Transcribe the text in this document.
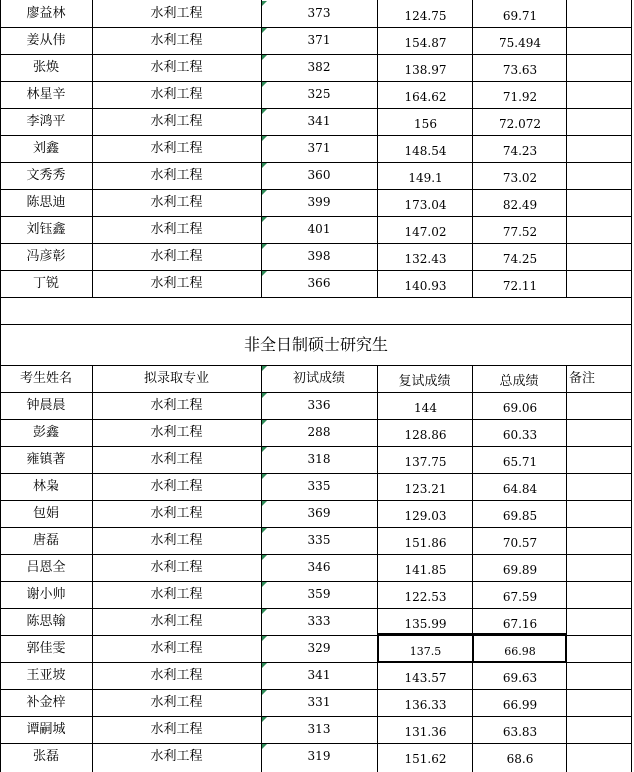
非全日制硕士研究生
廖益林	水利工程	373	124.75	69.71
姜从伟	水利工程	371	154.87	75.494
张焕	水利工程	382	138.97	73.63
林星辛	水利工程	325	164.62	71.92
李鸿平	水利工程	341	156	72.072
刘鑫	水利工程	371	148.54	74.23
文秀秀	水利工程	360	149.1	73.02
陈思迪	水利工程	399	173.04	82.49
刘钰鑫	水利工程	401	147.02	77.52
冯彦彰	水利工程	398	132.43	74.25
丁锐	水利工程	366	140.93	72.11
考生姓名	拟录取专业	初试成绩	复试成绩	总成绩	备注
钟晨晨	水利工程	336	144	69.06
彭鑫	水利工程	288	128.86	60.33
雍镇著	水利工程	318	137.75	65.71
林枭	水利工程	335	123.21	64.84
包娟	水利工程	369	129.03	69.85
唐磊	水利工程	335	151.86	70.57
吕恩全	水利工程	346	141.85	69.89
谢小帅	水利工程	359	122.53	67.59
陈思翰	水利工程	333	135.99	67.16
郭佳雯	水利工程	329	137.5	66.98
王亚坡	水利工程	341	143.57	69.63
补金梓	水利工程	331	136.33	66.99
谭嗣城	水利工程	313	131.36	63.83
张磊	水利工程	319	151.62	68.6
